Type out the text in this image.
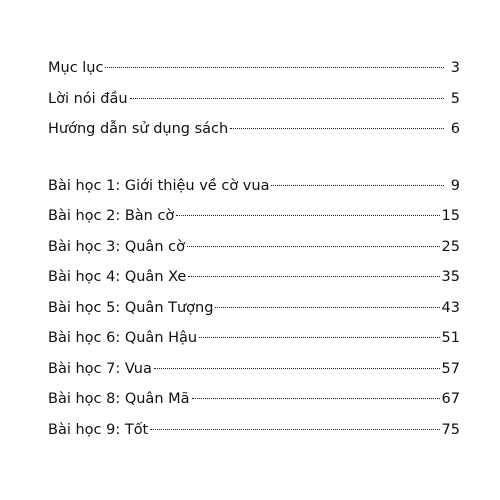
Mục lục	3
Lời nói đầu	5
Hướng dẫn sử dụng sách	6
Bài học 1: Giới thiệu về cờ vua	9
Bài học 2: Bàn cờ	15
Bài học 3: Quân cờ	25
Bài học 4: Quân Xe	35
Bài học 5: Quân Tượng	43
Bài học 6: Quân Hậu	51
Bài học 7: Vua	57
Bài học 8: Quân Mã	67
Bài học 9: Tốt	75
